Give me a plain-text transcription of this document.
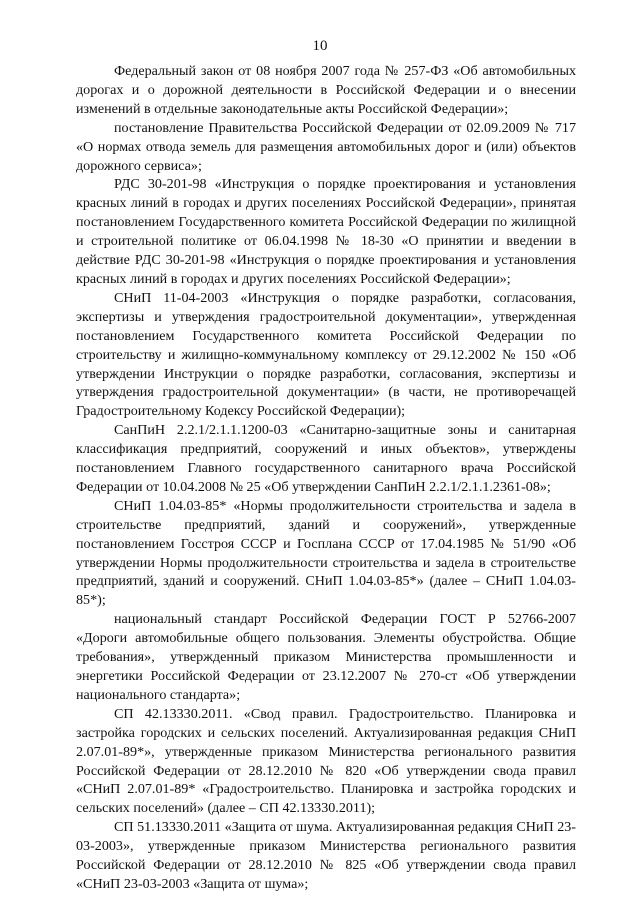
10

Федеральный закон от 08 ноября 2007 года № 257-ФЗ «Об автомобильных дорогах и о дорожной деятельности в Российской Федерации и о внесении изменений в отдельные законодательные акты Российской Федерации»;

постановление Правительства Российской Федерации от 02.09.2009 № 717 «О нормах отвода земель для размещения автомобильных дорог и (или) объектов дорожного сервиса»;

РДС 30-201-98 «Инструкция о порядке проектирования и установления красных линий в городах и других поселениях Российской Федерации», принятая постановлением Государственного комитета Российской Федерации по жилищной и строительной политике от 06.04.1998 № 18-30 «О принятии и введении в действие РДС 30-201-98 «Инструкция о порядке проектирования и установления красных линий в городах и других поселениях Российской Федерации»;

СНиП 11-04-2003 «Инструкция о порядке разработки, согласования, экспертизы и утверждения градостроительной документации», утвержденная постановлением Государственного комитета Российской Федерации по строительству и жилищно-коммунальному комплексу от 29.12.2002 № 150 «Об утверждении Инструкции о порядке разработки, согласования, экспертизы и утверждения градостроительной документации» (в части, не противоречащей Градостроительному Кодексу Российской Федерации);

СанПиН 2.2.1/2.1.1.1200-03 «Санитарно-защитные зоны и санитарная классификация предприятий, сооружений и иных объектов», утверждены постановлением Главного государственного санитарного врача Российской Федерации от 10.04.2008 № 25 «Об утверждении СанПиН 2.2.1/2.1.1.2361-08»;

СНиП 1.04.03-85* «Нормы продолжительности строительства и задела в строительстве предприятий, зданий и сооружений», утвержденные постановлением Госстроя СССР и Госплана СССР от 17.04.1985 № 51/90 «Об утверждении Нормы продолжительности строительства и задела в строительстве предприятий, зданий и сооружений. СНиП 1.04.03-85*» (далее – СНиП 1.04.03-85*);

национальный стандарт Российской Федерации ГОСТ Р 52766-2007 «Дороги автомобильные общего пользования. Элементы обустройства. Общие требования», утвержденный приказом Министерства промышленности и энергетики Российской Федерации от 23.12.2007 № 270-ст «Об утверждении национального стандарта»;

СП 42.13330.2011. «Свод правил. Градостроительство. Планировка и застройка городских и сельских поселений. Актуализированная редакция СНиП 2.07.01-89*», утвержденные приказом Министерства регионального развития Российской Федерации от 28.12.2010 № 820 «Об утверждении свода правил «СНиП 2.07.01-89* «Градостроительство. Планировка и застройка городских и сельских поселений» (далее – СП 42.13330.2011);

СП 51.13330.2011 «Защита от шума. Актуализированная редакция СНиП 23-03-2003», утвержденные приказом Министерства регионального развития Российской Федерации от 28.12.2010 № 825 «Об утверждении свода правил «СНиП 23-03-2003 «Защита от шума»;
